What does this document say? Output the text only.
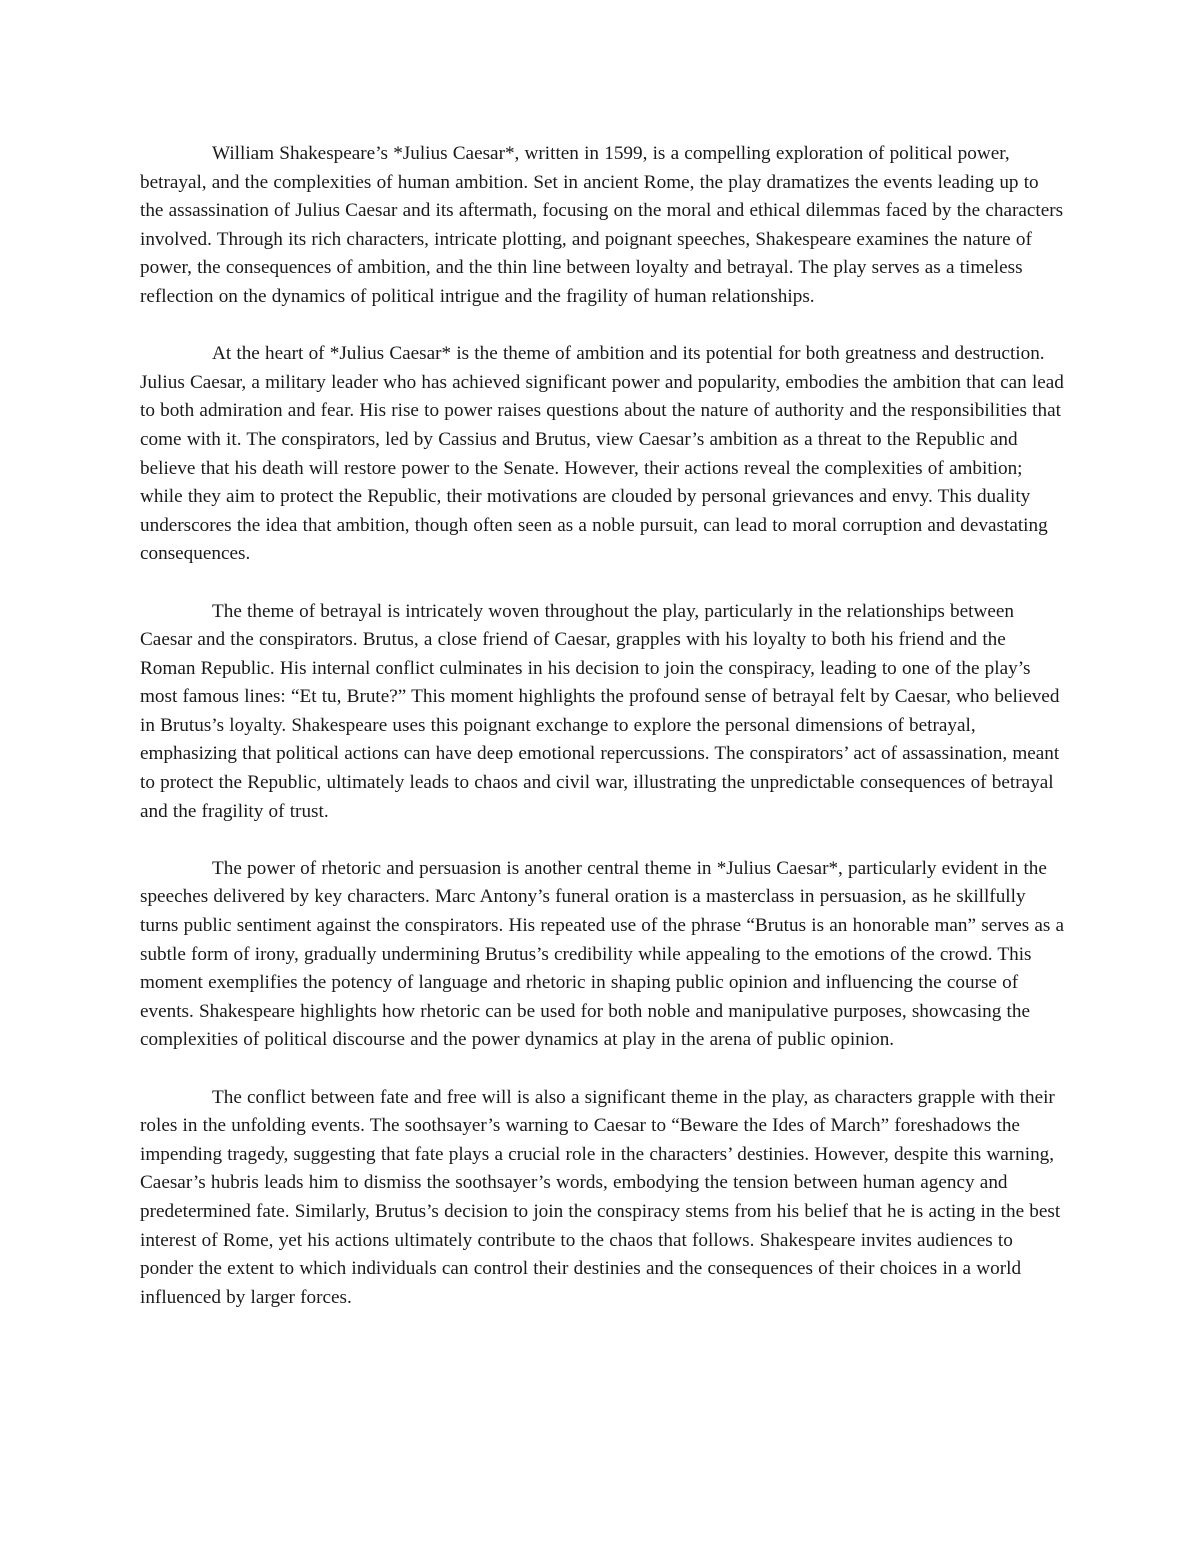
William Shakespeare’s *Julius Caesar*, written in 1599, is a compelling exploration of political power, betrayal, and the complexities of human ambition. Set in ancient Rome, the play dramatizes the events leading up to the assassination of Julius Caesar and its aftermath, focusing on the moral and ethical dilemmas faced by the characters involved. Through its rich characters, intricate plotting, and poignant speeches, Shakespeare examines the nature of power, the consequences of ambition, and the thin line between loyalty and betrayal. The play serves as a timeless reflection on the dynamics of political intrigue and the fragility of human relationships.

At the heart of *Julius Caesar* is the theme of ambition and its potential for both greatness and destruction. Julius Caesar, a military leader who has achieved significant power and popularity, embodies the ambition that can lead to both admiration and fear. His rise to power raises questions about the nature of authority and the responsibilities that come with it. The conspirators, led by Cassius and Brutus, view Caesar’s ambition as a threat to the Republic and believe that his death will restore power to the Senate. However, their actions reveal the complexities of ambition; while they aim to protect the Republic, their motivations are clouded by personal grievances and envy. This duality underscores the idea that ambition, though often seen as a noble pursuit, can lead to moral corruption and devastating consequences.

The theme of betrayal is intricately woven throughout the play, particularly in the relationships between Caesar and the conspirators. Brutus, a close friend of Caesar, grapples with his loyalty to both his friend and the Roman Republic. His internal conflict culminates in his decision to join the conspiracy, leading to one of the play’s most famous lines: “Et tu, Brute?” This moment highlights the profound sense of betrayal felt by Caesar, who believed in Brutus’s loyalty. Shakespeare uses this poignant exchange to explore the personal dimensions of betrayal, emphasizing that political actions can have deep emotional repercussions. The conspirators’ act of assassination, meant to protect the Republic, ultimately leads to chaos and civil war, illustrating the unpredictable consequences of betrayal and the fragility of trust.

The power of rhetoric and persuasion is another central theme in *Julius Caesar*, particularly evident in the speeches delivered by key characters. Marc Antony’s funeral oration is a masterclass in persuasion, as he skillfully turns public sentiment against the conspirators. His repeated use of the phrase “Brutus is an honorable man” serves as a subtle form of irony, gradually undermining Brutus’s credibility while appealing to the emotions of the crowd. This moment exemplifies the potency of language and rhetoric in shaping public opinion and influencing the course of events. Shakespeare highlights how rhetoric can be used for both noble and manipulative purposes, showcasing the complexities of political discourse and the power dynamics at play in the arena of public opinion.

The conflict between fate and free will is also a significant theme in the play, as characters grapple with their roles in the unfolding events. The soothsayer’s warning to Caesar to “Beware the Ides of March” foreshadows the impending tragedy, suggesting that fate plays a crucial role in the characters’ destinies. However, despite this warning, Caesar’s hubris leads him to dismiss the soothsayer’s words, embodying the tension between human agency and predetermined fate. Similarly, Brutus’s decision to join the conspiracy stems from his belief that he is acting in the best interest of Rome, yet his actions ultimately contribute to the chaos that follows. Shakespeare invites audiences to ponder the extent to which individuals can control their destinies and the consequences of their choices in a world influenced by larger forces.
